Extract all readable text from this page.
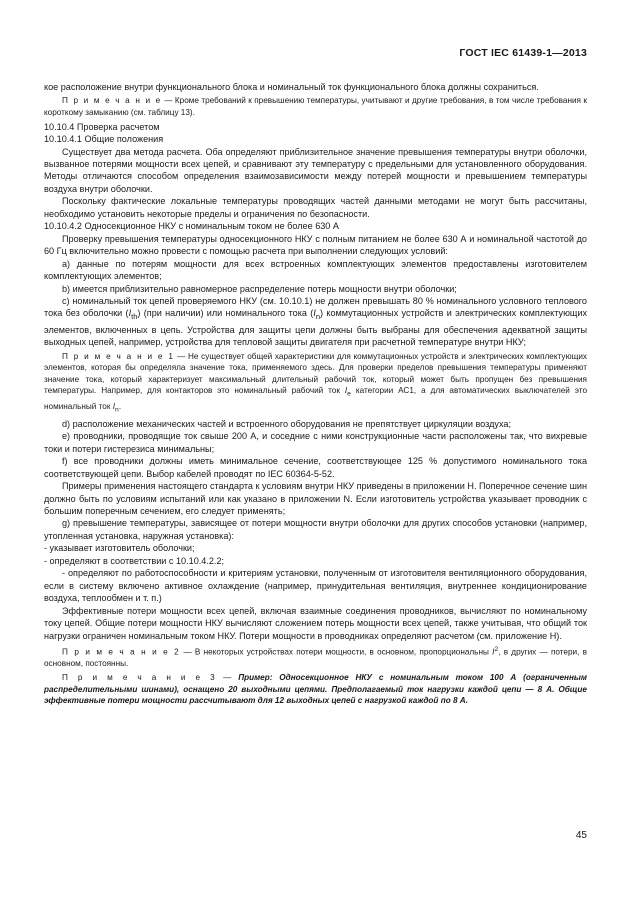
ГОСТ IEC 61439-1—2013

кое расположение внутри функционального блока и номинальный ток функционального блока должны сохраниться.

П р и м е ч а н и е — Кроме требований к превышению температуры, учитывают и другие требования, в том числе требования к короткому замыканию (см. таблицу 13).

10.10.4 Проверка расчетом

10.10.4.1 Общие положения

Существует два метода расчета. Оба определяют приблизительное значение превышения температуры внутри оболочки, вызванное потерями мощности всех цепей, и сравнивают эту температуру с предельными для установленного оборудования. Методы отличаются способом определения взаимозависимости между потерей мощности и превышением температуры воздуха внутри оболочки.

Поскольку фактические локальные температуры проводящих частей данными методами не могут быть рассчитаны, необходимо установить некоторые пределы и ограничения по безопасности.

10.10.4.2 Односекционное НКУ с номинальным током не более 630 А

Проверку превышения температуры односекционного НКУ с полным питанием не более 630 А и номинальной частотой до 60 Гц включительно можно провести с помощью расчета при выполнении следующих условий:

а) данные по потерям мощности для всех встроенных комплектующих элементов предоставлены изготовителем комплектующих элементов;

b) имеется приблизительно равномерное распределение потерь мощности внутри оболочки;

с) номинальный ток цепей проверяемого НКУ (см. 10.10.1) не должен превышать 80 % номинального условного теплового тока без оболочки $(I_{th})$ (при наличии) или номинального тока $(I_n)$ коммутационных устройств и электрических комплектующих элементов, включенных в цепь. Устройства для защиты цепи должны быть выбраны для обеспечения адекватной защиты выходных цепей, например, устройства для тепловой защиты двигателя при расчетной температуре внутри НКУ;

П р и м е ч а н и е 1 — Не существует общей характеристики для коммутационных устройств и электрических комплектующих элементов, которая бы определяла значение тока, применяемого здесь. Для проверки пределов превышения температуры применяют значение тока, который характеризует максимальный длительный рабочий ток, который может быть пропущен без превышения температуры. Например, для контакторов это номинальный рабочий ток $I_e$ категории АС1, а для автоматических выключателей это номинальный ток $I_n$.

d) расположение механических частей и встроенного оборудования не препятствует циркуляции воздуха;

е) проводники, проводящие ток свыше 200 А, и соседние с ними конструкционные части расположены так, что вихревые токи и потери гистерезиса минимальны;

f) все проводники должны иметь минимальное сечение, соответствующее 125 % допустимого номинального тока соответствующей цепи. Выбор кабелей проводят по IEC 60364-5-52.

Примеры применения настоящего стандарта к условиям внутри НКУ приведены в приложении Н. Поперечное сечение шин должно быть по условиям испытаний или как указано в приложении N. Если изготовитель устройства указывает проводник с большим поперечным сечением, его следует применять;

g) превышение температуры, зависящее от потери мощности внутри оболочки для других способов установки (например, утопленная установка, наружная установка):

- указывает изготовитель оболочки;

- определяют в соответствии с 10.10.4.2.2;

- определяют по работоспособности и критериям установки, полученным от изготовителя вентиляционного оборудования, если в систему включено активное охлаждение (например, принудительная вентиляция, внутреннее кондиционирование воздуха, теплообмен и т. п.)

Эффективные потери мощности всех цепей, включая взаимные соединения проводников, вычисляют по номинальному току цепей. Общие потери мощности НКУ вычисляют сложением потерь мощности всех цепей, также учитывая, что общий ток нагрузки ограничен номинальным током НКУ. Потери мощности в проводниках определяют расчетом (см. приложение Н).

П р и м е ч а н и е 2 — В некоторых устройствах потери мощности, в основном, пропорциональны $I^2$, в других — потери, в основном, постоянны.

П р и м е ч а н и е 3 — Пример: Односекционное НКУ с номинальным током 100 А (ограниченным распределительными шинами), оснащено 20 выходными цепями. Предполагаемый ток нагрузки каждой цепи — 8 А. Общие эффективные потери мощности рассчитывают для 12 выходных цепей с нагрузкой каждой по 8 А.

45
